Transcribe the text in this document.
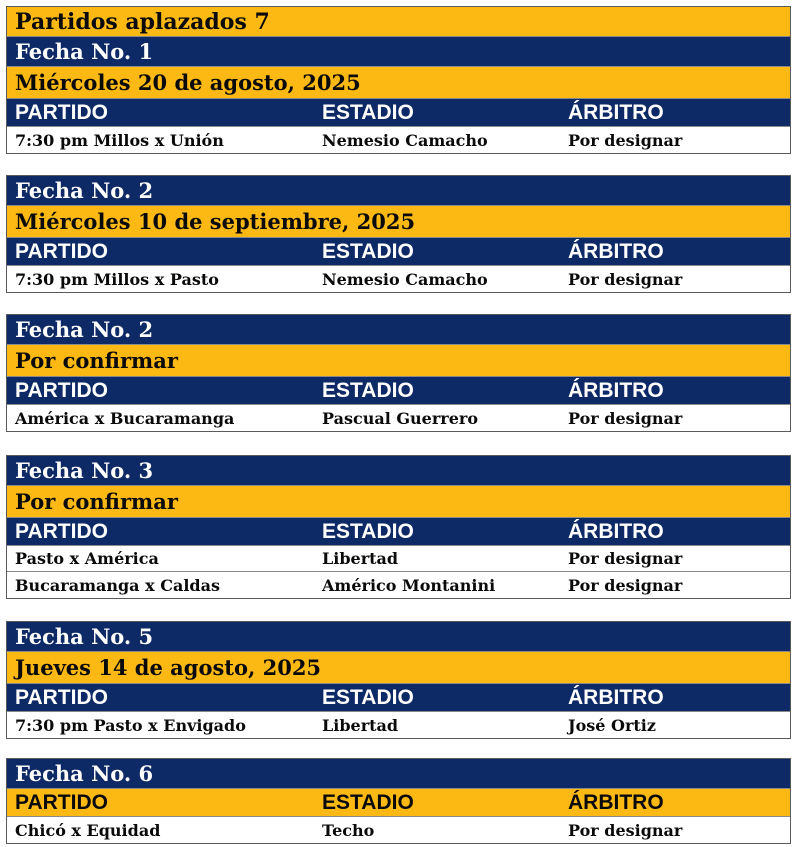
Partidos aplazados 7
Fecha No. 1
Miércoles 20 de agosto, 2025
PARTIDO	ESTADIO	ÁRBITRO
7:30 pm Millos x Unión	Nemesio Camacho	Por designar
Fecha No. 2
Miércoles 10 de septiembre, 2025
PARTIDO	ESTADIO	ÁRBITRO
7:30 pm Millos x Pasto	Nemesio Camacho	Por designar
Fecha No. 2
Por confirmar
PARTIDO	ESTADIO	ÁRBITRO
América x Bucaramanga	Pascual Guerrero	Por designar
Fecha No. 3
Por confirmar
PARTIDO	ESTADIO	ÁRBITRO
Pasto x América	Libertad	Por designar
Bucaramanga x Caldas	Américo Montanini	Por designar
Fecha No. 5
Jueves 14 de agosto, 2025
PARTIDO	ESTADIO	ÁRBITRO
7:30 pm Pasto x Envigado	Libertad	José Ortiz
Fecha No. 6
PARTIDO	ESTADIO	ÁRBITRO
Chicó x Equidad	Techo	Por designar
